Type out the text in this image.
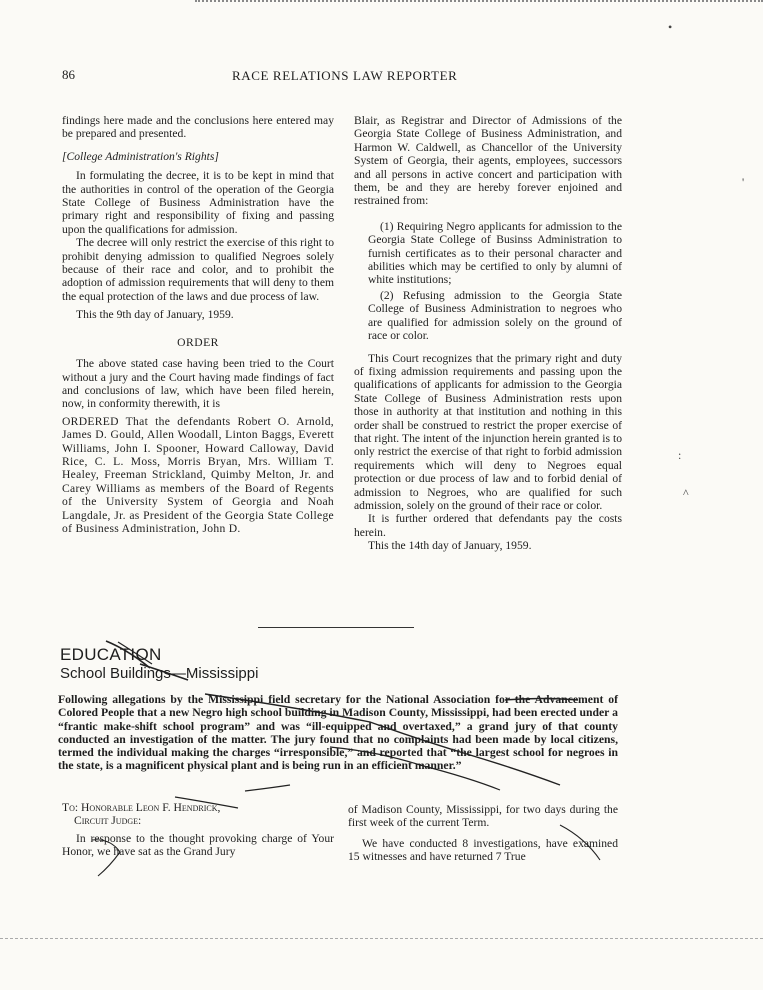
86	RACE RELATIONS LAW REPORTER

findings here made and the conclusions here entered may be prepared and presented.

[College Administration's Rights]

In formulating the decree, it is to be kept in mind that the authorities in control of the operation of the Georgia State College of Business Administration have the primary right and responsibility of fixing and passing upon the qualifications for admission.

The decree will only restrict the exercise of this right to prohibit denying admission to qualified Negroes solely because of their race and color, and to prohibit the adoption of admission requirements that will deny to them the equal protection of the laws and due process of law.

This the 9th day of January, 1959.

ORDER

The above stated case having been tried to the Court without a jury and the Court having made findings of fact and conclusions of law, which have been filed herein, now, in conformity therewith, it is

ORDERED That the defendants Robert O. Arnold, James D. Gould, Allen Woodall, Linton Baggs, Everett Williams, John I. Spooner, Howard Calloway, David Rice, C. L. Moss, Morris Bryan, Mrs. William T. Healey, Freeman Strickland, Quimby Melton, Jr. and Carey Williams as members of the Board of Regents of the University System of Georgia and Noah Langdale, Jr. as President of the Georgia State College of Business Administration, John D.

Blair, as Registrar and Director of Admissions of the Georgia State College of Business Administration, and Harmon W. Caldwell, as Chancellor of the University System of Georgia, their agents, employees, successors and all persons in active concert and participation with them, be and they are hereby forever enjoined and restrained from:

(1) Requiring Negro applicants for admission to the Georgia State College of Businss Administration to furnish certificates as to their personal character and abilities which may be certified to only by alumni of white institutions;

(2) Refusing admission to the Georgia State College of Business Administration to negroes who are qualified for admission solely on the ground of race or color.

This Court recognizes that the primary right and duty of fixing admission requirements and passing upon the qualifications of applicants for admission to the Georgia State College of Business Administration rests upon those in authority at that institution and nothing in this order shall be construed to restrict the proper exercise of that right. The intent of the injunction herein granted is to only restrict the exercise of that right to forbid admission requirements which will deny to Negroes equal protection or due process of law and to forbid denial of admission to Negroes, who are qualified for such admission, solely on the ground of their race or color.

It is further ordered that defendants pay the costs herein.

This the 14th day of January, 1959.

EDUCATION
School Buildings—Mississippi
Following allegations by the Mississippi field secretary for the National Association for the Advancement of Colored People that a new Negro high school building in Madison County, Mississippi, had been erected under a “frantic make-shift school program” and was “ill-equipped and overtaxed,” a grand jury of that county conducted an investigation of the matter. The jury found that no complaints had been made by local citizens, termed the individual making the charges “irresponsible,” and reported that “the largest school for negroes in the state, is a magnificent physical plant and is being run in an efficient manner.”
To: Honorable Leon F. Hendrick,
Circuit Judge:

In response to the thought provoking charge of Your Honor, we have sat as the Grand Jury

of Madison County, Mississippi, for two days during the first week of the current Term.

We have conducted 8 investigations, have examined 15 witnesses and have returned 7 True

•
'
:
^
